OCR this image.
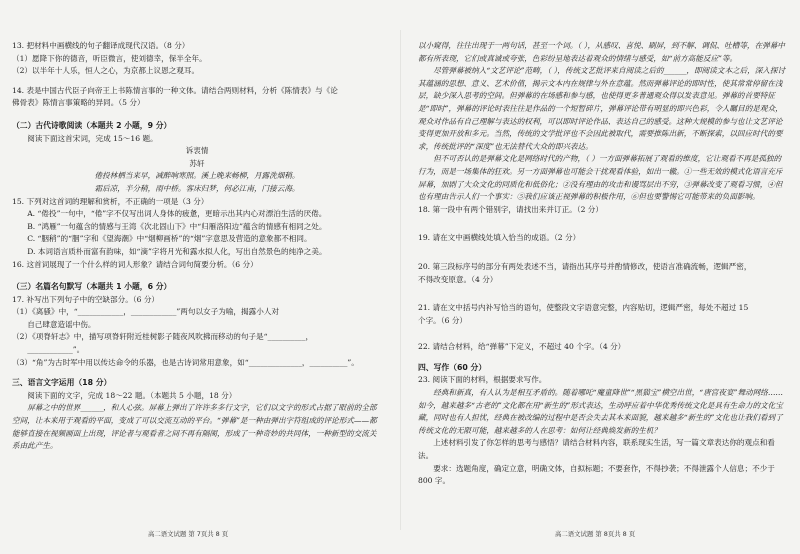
13. 把材料中画横线的句子翻译成现代汉语。（8 分）

（1）愿降下你的德音，听臣微言，使刘德幸，保半全年。

（2）以半年十人乐，恒人之心，为京都上议恩之观耳。

14. 表是中国古代臣子向帝王上书陈情言事的一种文体。请结合两则材料，分析《陈情表》与《论

佛骨表》陈情言事策略的异同。（5 分）

（二）古代诗歌阅读（本题共 2 小题，9 分）

阅读下面这首宋词，完成 15～16 题。

诉衷情

苏轩

倦投林栖当来早，减醉响寒照。溪上晚来畅柳，月露洗烟稍。

霜后凉，半分稍，雨中桥。客床归梦，何必江南，门接云海。

15. 下列对这首词的理解和赏析，不正确的一项是（3 分）

A. “倦投”一句中，“倦”字不仅写出词人身体的疲惫，更暗示出其内心对漂泊生活的厌倦。

B. “鸿雁”一句蕴含的情感与王湾《次北固山下》中“归雁洛阳边”蕴含的情感有相同之处。

C. “胭稍”的“胭”字和《望海潮》中“烟柳画桥”的“烟”字意思及营造的意象都不相同。

D. 本词语言质朴而富有韵味，如“滴”字将月光和露水拟人化，写出自然景色的纯净之美。

16. 这首词展现了一个什么样的词人形象？请结合词句简要分析。（6 分）

（三）名篇名句默写（本题共 1 小题，6 分）

17. 补写出下列句子中的空缺部分。（6 分）

（1）《离骚》中，“____________，____________”两句以女子为喻，揭露小人对

自己肆意造谣中伤。

（2）《项脊轩志》中，描写项脊轩附近桂树影子随夜风吹拂而移动的句子是“__________，

____________”。

（3）“角”为古时军中用以传达命令的乐器，也是古诗词常用意象，如“______________，__________”。

三、语言文字运用（18 分）

阅读下面的文字，完成 18～22 题。（本题共 5 小题，18 分）

屏幕之中的世界______，和人心弦。屏幕上弹出了许许多多行文字，它们以文字的形式占据了眼前的全部空间，让本来用于观看的平面，变成了可以交流互动的平台。“弹幕”是一种由弹出字符组成的评论形式——都能够直接在视频画面上出现，评论者与观看者之间不再有隔阂，形成了一种奇妙的共同体，一种新型的交流关系由此产生。

高二语文试题 第 7页共 8 页

以小窥得，往往出现于一两句话，甚至一个词。（ ），从感叹、喜悦、刷屏，到不解、调侃、吐槽等，在弹幕中都有所表现，它们或真诚或夸张，色彩纷呈地表达着观众的情绪与感受，如“前方高能反应”等。

尽管弹幕被纳入“文艺评论”范畴，（ ），传统文艺批评来自阅读之后的______，即阅读文本之后，深入探讨其蕴涵的思想、意义、艺术价值，揭示文本内在规律与外在意蕴。然而弹幕评论的即时性，使其常常停留在浅层，缺少深入思考的空间。但弹幕的在场感和参与感，也使得更多普通观众得以发表意见。弹幕的首要特征是“即时”，弹幕的评论时表往往是作品的一个短暂碎片，弹幕评论带有明显的即兴色彩，令人瞩目的是观众，观众对作品有自己理解与表达的权利，可以即时评论作品、表达自己的感受。这种大规模的参与也让文艺评论变得更加开放和多元。当然，传统的文学批评也不会因此被取代，需要推陈出新，不断探索，以回应时代的要求，传统批评的“深度”也无法替代大众的即兴表达。

但不可否认的是弹幕文化是网络时代的产物，（ ）一方面弹幕拓展了观看的维度，它让观看不再是孤独的行为，而是一场集体的狂欢。另一方面弹幕也可能会干扰观看体验，如出一辙。①一些无效的模式化语言充斥屏幕，加剧了大众文化的同质化和低俗化；②没有理由的攻击和谩骂层出不穷，③弹幕改变了观看习惯，④但也有理由告示人们一个事实：⑤我们应该正视弹幕的积极作用，⑥但也要警惕它可能带来的负面影响。

18. 第一段中有两个错别字，请找出来并订正。（2 分）

19. 请在文中画横线处填入恰当的成语。（2 分）

20. 第三段标序号的部分有两处表述不当，请指出其序号并酌情修改，使语言准确流畅，逻辑严密，

不得改变原意。（4 分）

21. 请在文中括号内补写恰当的语句，使整段文字语意完整，内容贴切，逻辑严密，每处不超过 15

个字。（6 分）

22. 请结合材料，给“弹幕”下定义，不超过 40 个字。（4 分）

四、写作（60 分）

23. 阅读下面的材料，根据要求写作。

经典和新真，有人认为是相互矛盾的。随着哪吒“魔童降世”“黑猫宝”横空出世，“唐宫夜宴”舞动网络……如今，越来越多“古老的”文化都在用“新生的”形式表达，生动呼应着中华优秀传统文化是具有生命力的文化宝藏，同时也有人担忧，经典在被改编的过程中是否会失去其本来面貌，越来越多“新生的”文化也让我们看到了传统文化的无限可能，越来越多的人在思考：如何让经典焕发新的生机？

上述材料引发了你怎样的思考与感悟？请结合材料内容，联系现实生活，写一篇文章表达你的观点和看法。

要求：选题角度，确定立意，明确文体，自拟标题；不要套作，不得抄袭；不得泄露个人信息；不少于 800 字。

高二语文试题 第 8页共 8 页
